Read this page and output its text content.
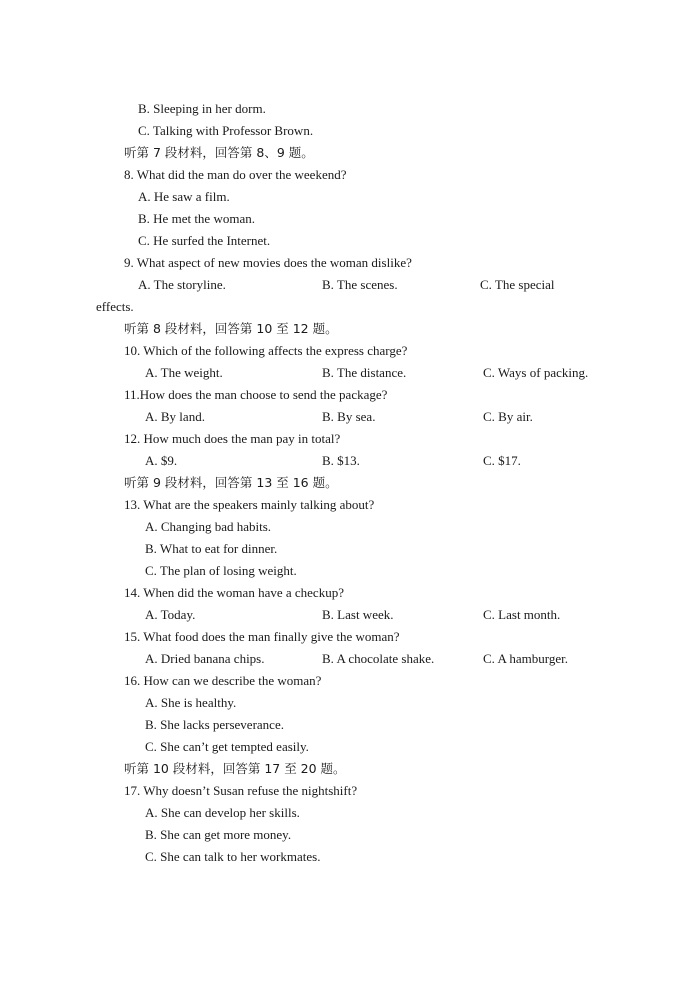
B. Sleeping in her dorm.
C. Talking with Professor Brown.
听第 7 段材料，回答第 8、9 题。
8. What did the man do over the weekend?
A. He saw a film.
B. He met the woman.
C. He surfed the Internet.
9. What aspect of new movies does the woman dislike?
A. The storyline.	B. The scenes.	C. The special
effects.
听第 8 段材料，回答第 10 至 12 题。
10. Which of the following affects the express charge?
A. The weight.	B. The distance.	C. Ways of packing.
11.How does the man choose to send the package?
A. By land.	B. By sea.	C. By air.
12. How much does the man pay in total?
A. $9.	B. $13.	C. $17.
听第 9 段材料，回答第 13 至 16 题。
13. What are the speakers mainly talking about?
A. Changing bad habits.
B. What to eat for dinner.
C. The plan of losing weight.
14. When did the woman have a checkup?
A. Today.	B. Last week.	C. Last month.
15. What food does the man finally give the woman?
A. Dried banana chips.	B. A chocolate shake.	C. A hamburger.
16. How can we describe the woman?
A. She is healthy.
B. She lacks perseverance.
C. She can’t get tempted easily.
听第 10 段材料，回答第 17 至 20 题。
17. Why doesn’t Susan refuse the nightshift?
A. She can develop her skills.
B. She can get more money.
C. She can talk to her workmates.
